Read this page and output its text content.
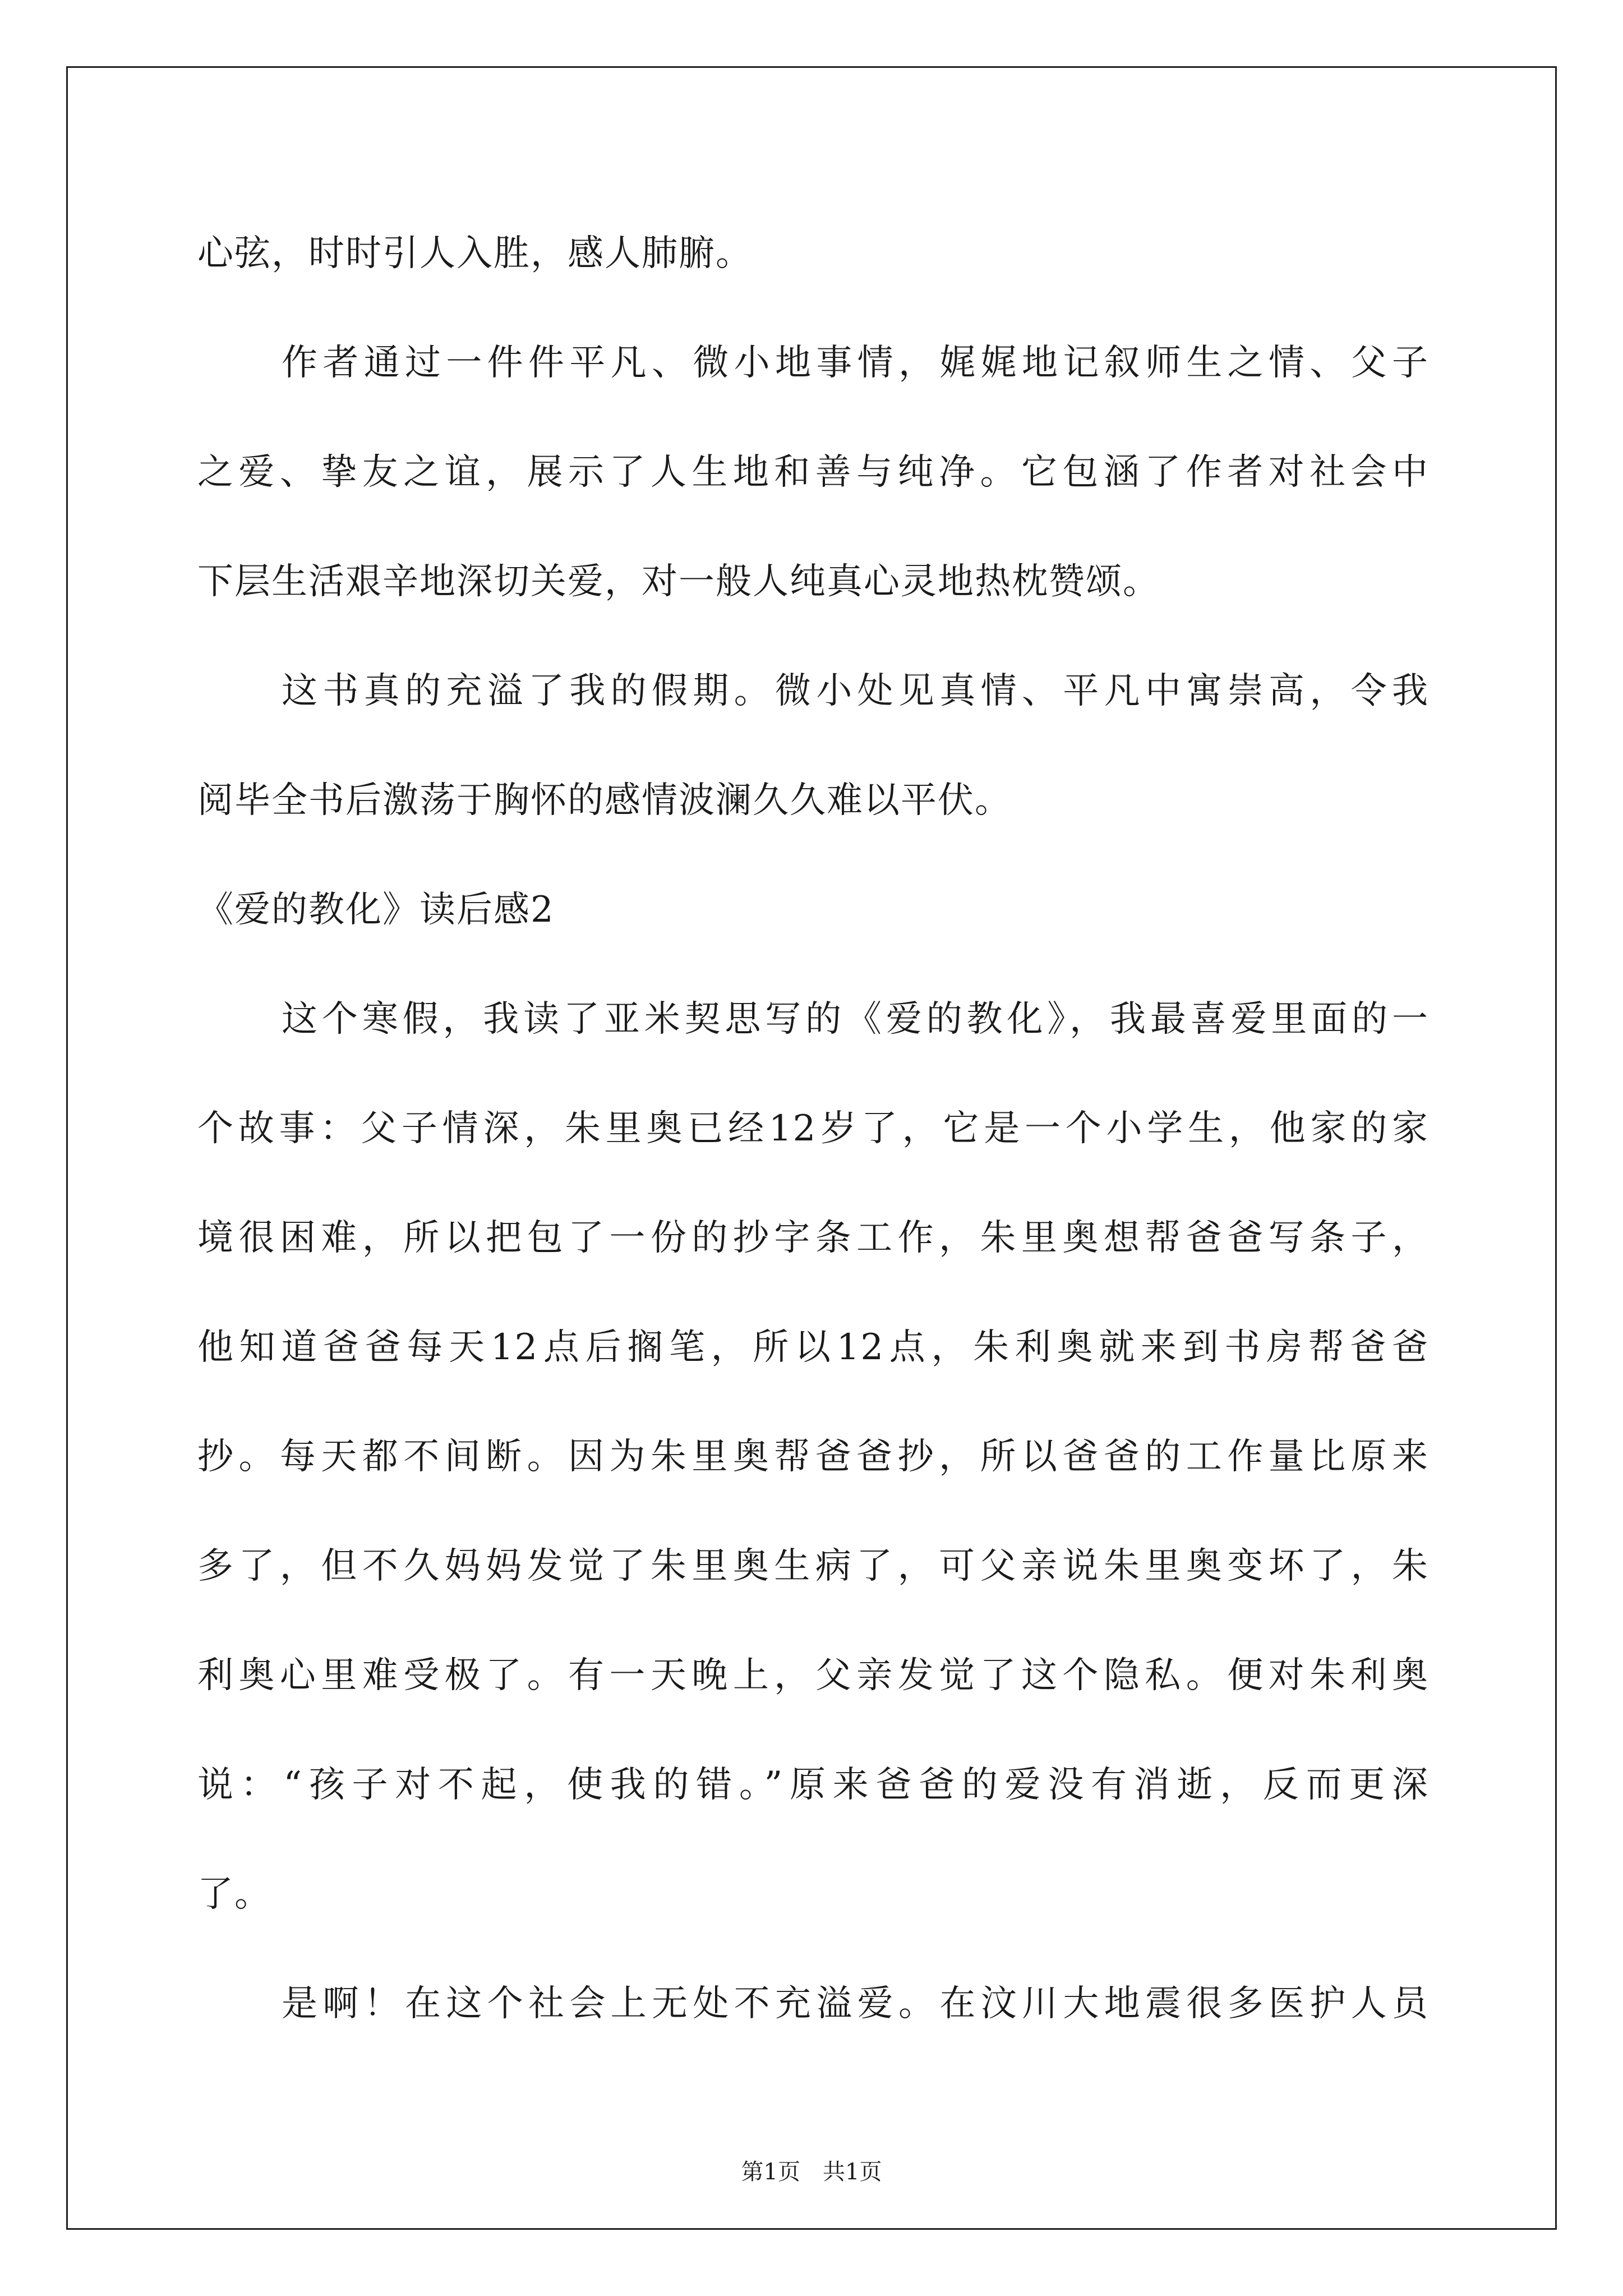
心弦，时时引人入胜，感人肺腑。
作者通过一件件平凡、微小地事情，娓娓地记叙师生之情、父子
之爱、挚友之谊，展示了人生地和善与纯净。它包涵了作者对社会中
下层生活艰辛地深切关爱，对一般人纯真心灵地热枕赞颂。
这书真的充溢了我的假期。微小处见真情、平凡中寓崇高，令我
阅毕全书后激荡于胸怀的感情波澜久久难以平伏。
《爱的教化》读后感2
这个寒假，我读了亚米契思写的《爱的教化》，我最喜爱里面的一
个故事：父子情深，朱里奥已经12岁了，它是一个小学生，他家的家
境很困难，所以把包了一份的抄字条工作，朱里奥想帮爸爸写条子，
他知道爸爸每天12点后搁笔，所以12点，朱利奥就来到书房帮爸爸
抄。每天都不间断。因为朱里奥帮爸爸抄，所以爸爸的工作量比原来
多了，但不久妈妈发觉了朱里奥生病了，可父亲说朱里奥变坏了，朱
利奥心里难受极了。有一天晚上，父亲发觉了这个隐私。便对朱利奥
说：“孩子对不起，使我的错。”原来爸爸的爱没有消逝，反而更深
了。
是啊！在这个社会上无处不充溢爱。在汶川大地震很多医护人员
第1页 共1页
